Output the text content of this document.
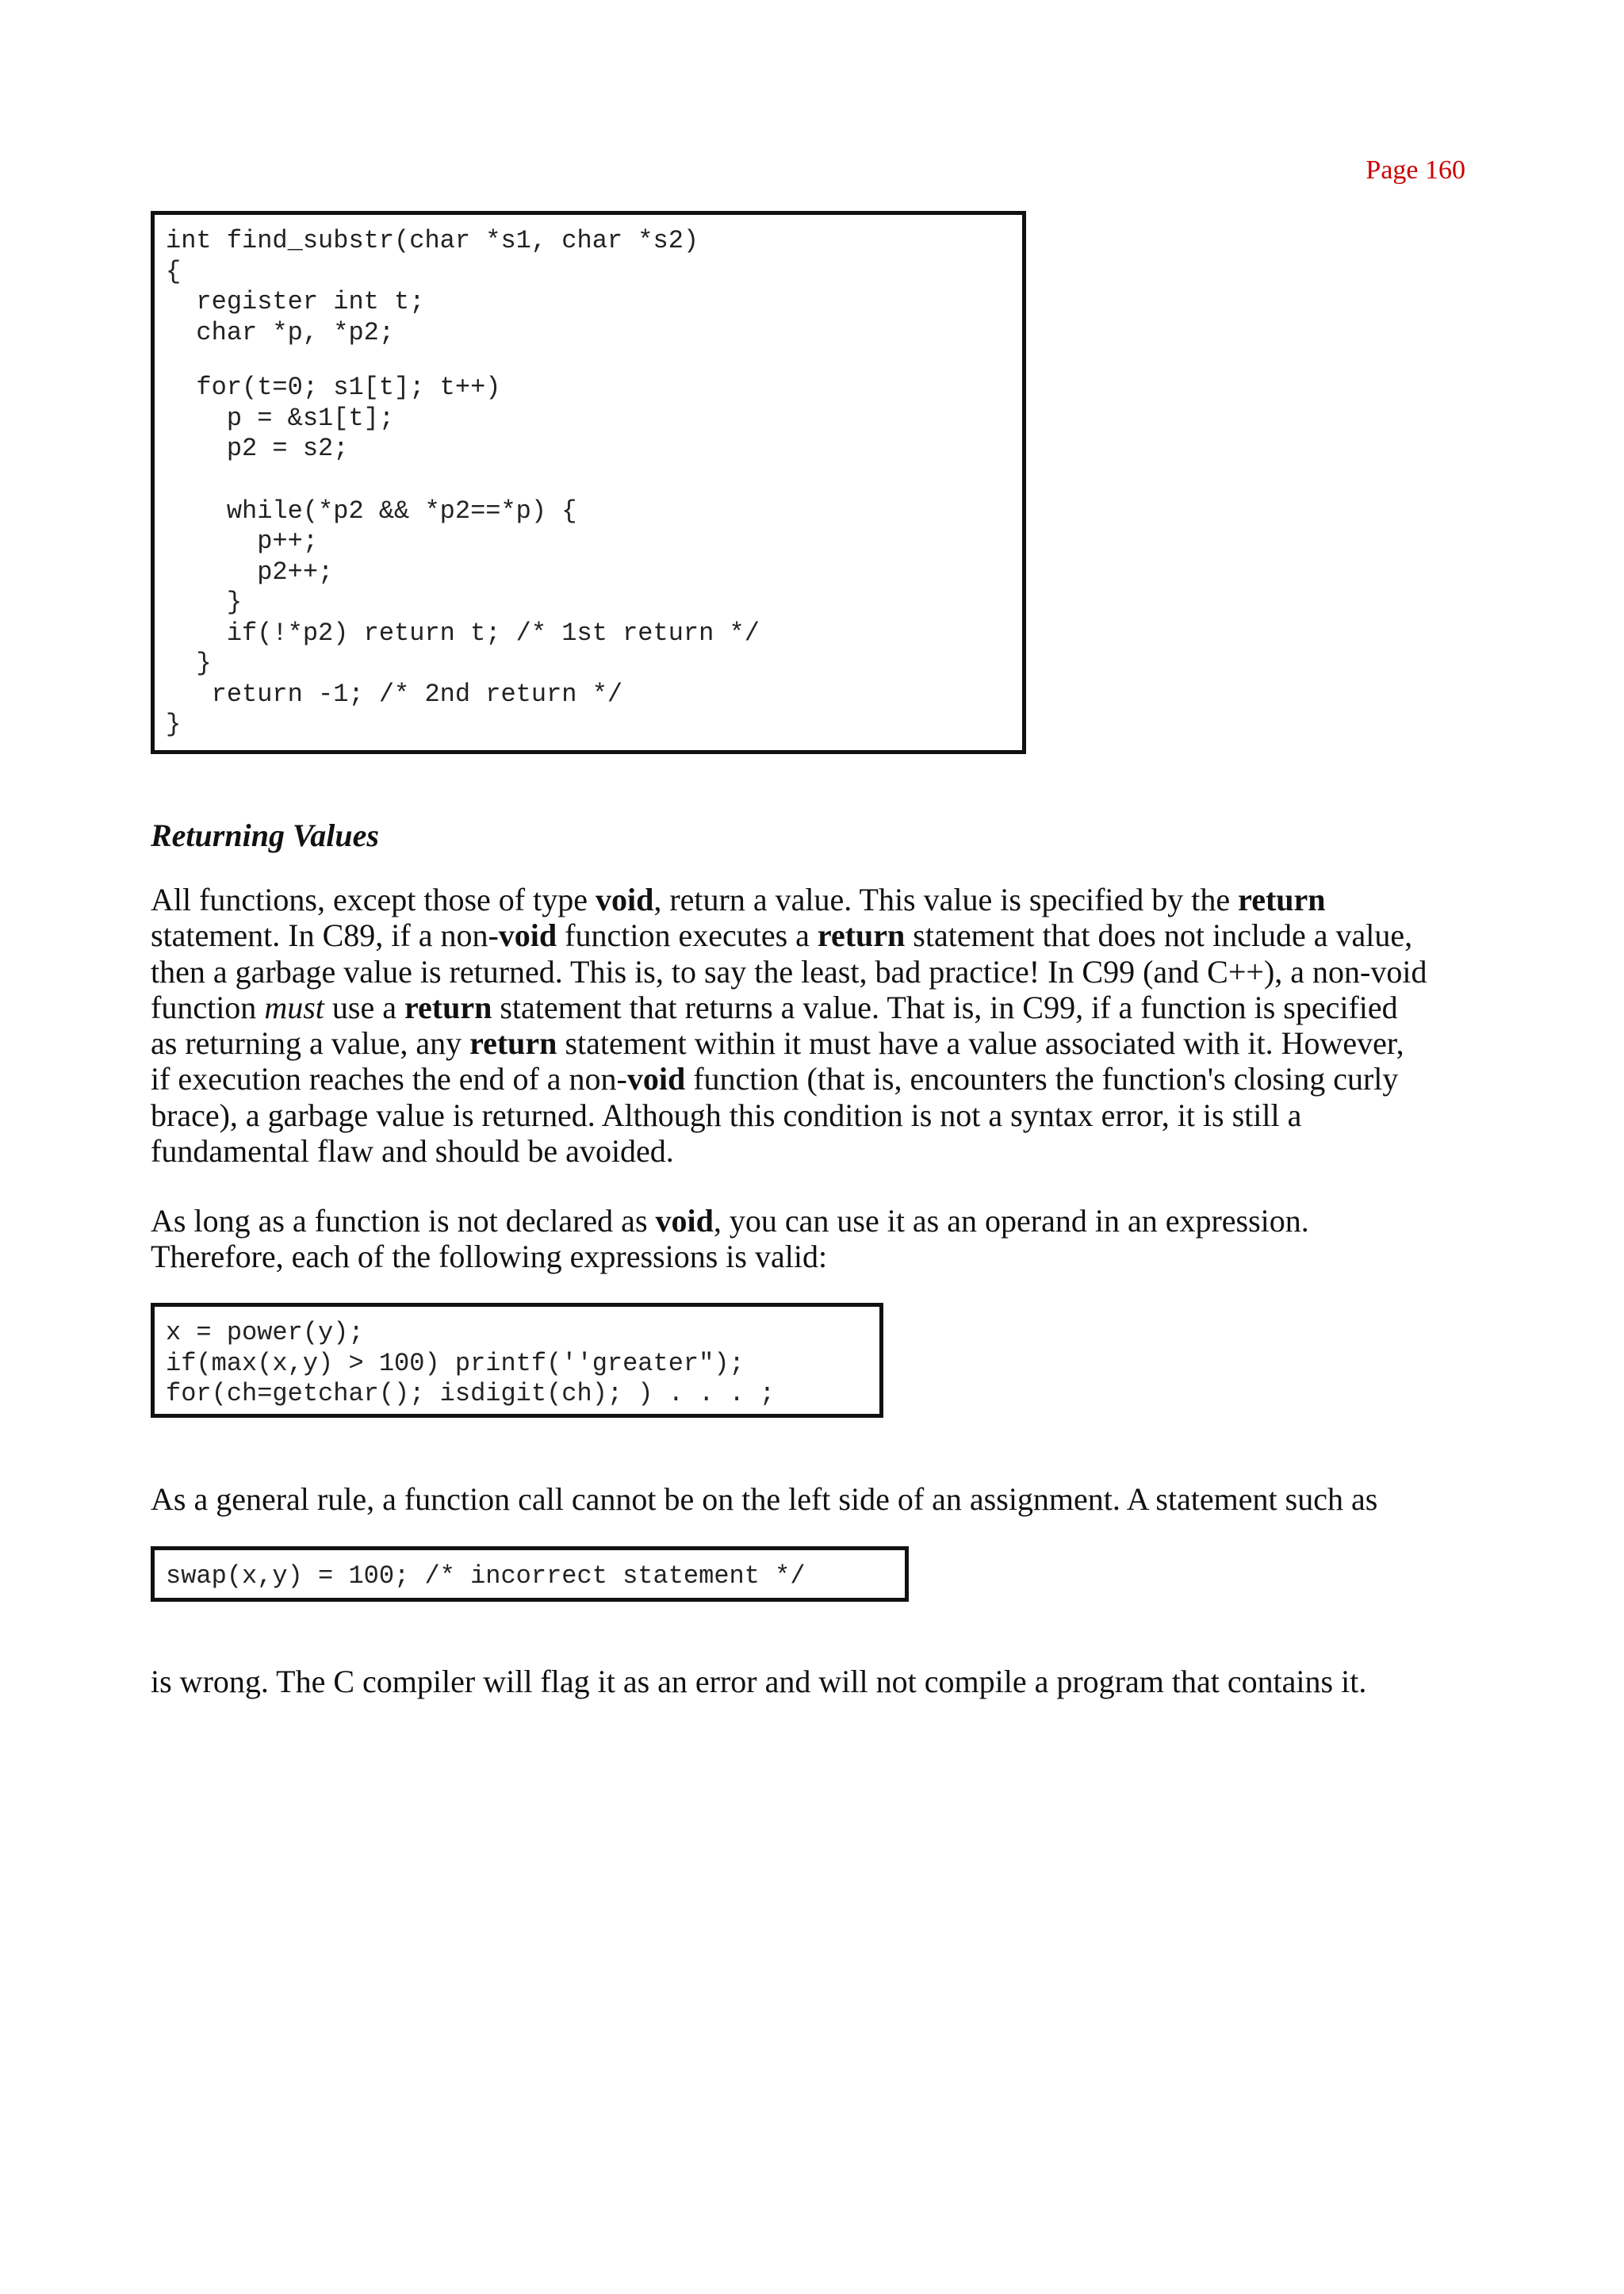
Page 160
int find_substr(char *s1, char *s2)
{
register int t;
char *p, *p2;
for(t=0; s1[t]; t++)
p = &s1[t];
p2 = s2;
while(*p2 && *p2==*p) {
p++;
p2++;
}
if(!*p2) return t; /* 1st return */
}
return -1; /* 2nd return */
}
Returning Values
All functions, except those of type void, return a value. This value is specified by the return
statement. In C89, if a non-void function executes a return statement that does not include a value,
then a garbage value is returned. This is, to say the least, bad practice! In C99 (and C++), a non-void
function must use a return statement that returns a value. That is, in C99, if a function is specified
as returning a value, any return statement within it must have a value associated with it. However,
if execution reaches the end of a non-void function (that is, encounters the function's closing curly
brace), a garbage value is returned. Although this condition is not a syntax error, it is still a
fundamental flaw and should be avoided.
As long as a function is not declared as void, you can use it as an operand in an expression.
Therefore, each of the following expressions is valid:
x = power(y);
if(max(x,y) > 100) printf(''greater");
for(ch=getchar(); isdigit(ch); ) . . . ;
As a general rule, a function call cannot be on the left side of an assignment. A statement such as
swap(x,y) = 100; /* incorrect statement */
is wrong. The C compiler will flag it as an error and will not compile a program that contains it.
